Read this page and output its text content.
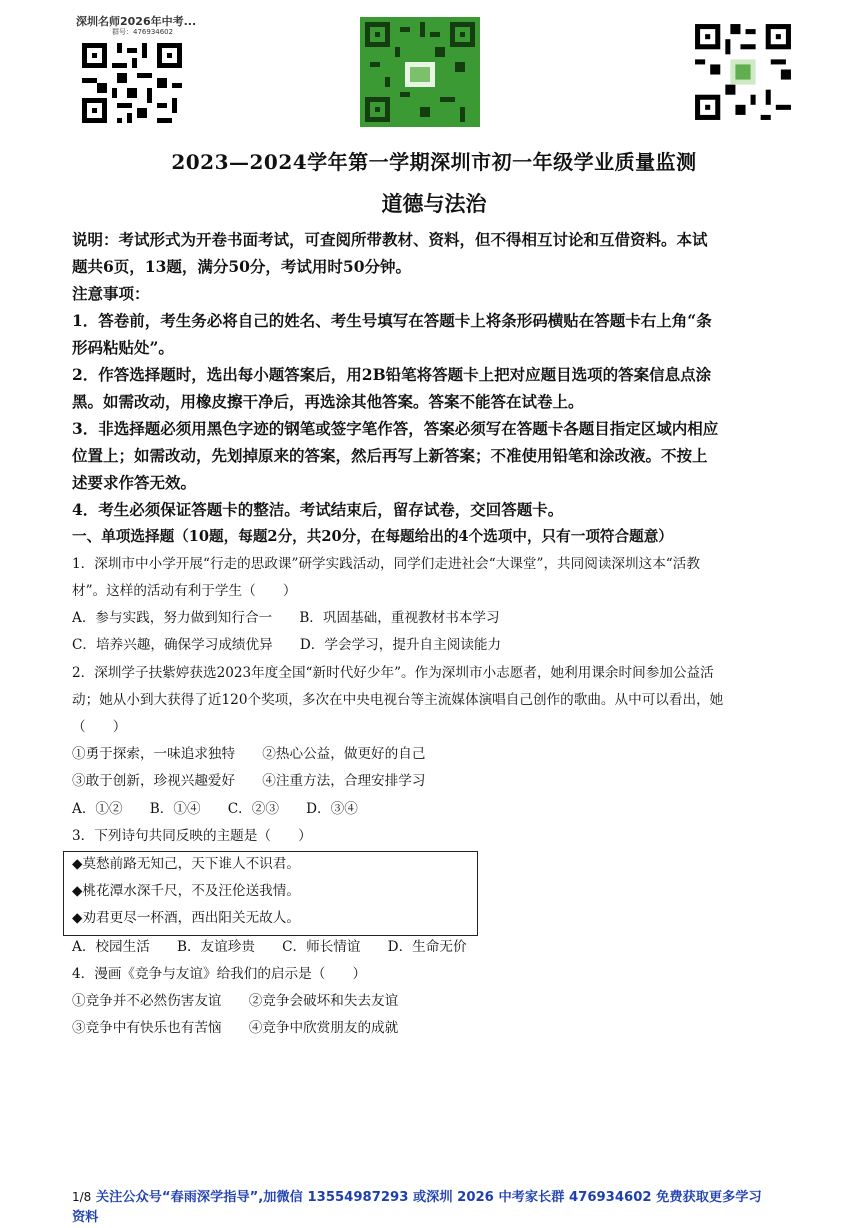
深圳名师2026年中考...
群号：476934602
2023—2024学年第一学期深圳市初一年级学业质量监测
道德与法治
说明：考试形式为开卷书面考试，可查阅所带教材、资料，但不得相互讨论和互借资料。本试
题共6页，13题，满分50分，考试用时50分钟。
注意事项：
1．答卷前，考生务必将自己的姓名、考生号填写在答题卡上将条形码横贴在答题卡右上角“条
形码粘贴处”。
2．作答选择题时，选出每小题答案后，用2B铅笔将答题卡上把对应题目选项的答案信息点涂
黑。如需改动，用橡皮擦干净后，再选涂其他答案。答案不能答在试卷上。
3．非选择题必须用黑色字迹的钢笔或签字笔作答，答案必须写在答题卡各题目指定区域内相应
位置上；如需改动，先划掉原来的答案，然后再写上新答案；不准使用铅笔和涂改液。不按上
述要求作答无效。
4．考生必须保证答题卡的整洁。考试结束后，留存试卷，交回答题卡。
一、单项选择题（10题，每题2分，共20分，在每题给出的4个选项中，只有一项符合题意）
1．深圳市中小学开展“行走的思政课”研学实践活动，同学们走进社会“大课堂”，共同阅读深圳这本“活教
材”。这样的活动有利于学生（　　）
A．参与实践，努力做到知行合一　　B．巩固基础，重视教材书本学习
C．培养兴趣，确保学习成绩优异　　D．学会学习，提升自主阅读能力
2．深圳学子扶紫婷获选2023年度全国“新时代好少年”。作为深圳市小志愿者，她利用课余时间参加公益活
动；她从小到大获得了近120个奖项，多次在中央电视台等主流媒体演唱自己创作的歌曲。从中可以看出，她
（　　）
①勇于探索，一味追求独特　　②热心公益，做更好的自己
③敢于创新，珍视兴趣爱好　　④注重方法，合理安排学习
A．①②　　B．①④　　C．②③　　D．③④
3．下列诗句共同反映的主题是（　　）
◆莫愁前路无知己，天下谁人不识君。
◆桃花潭水深千尺，不及汪伦送我情。
◆劝君更尽一杯酒，西出阳关无故人。
A．校园生活　　B．友谊珍贵　　C．师长情谊　　D．生命无价
4．漫画《竞争与友谊》给我们的启示是（　　）
①竞争并不必然伤害友谊　　②竞争会破坏和失去友谊
③竞争中有快乐也有苦恼　　④竞争中欣赏朋友的成就
1/8 关注公众号“春雨深学指导”,加微信 13554987293 或深圳 2026 中考家长群 476934602 免费获取更多学习
资料
